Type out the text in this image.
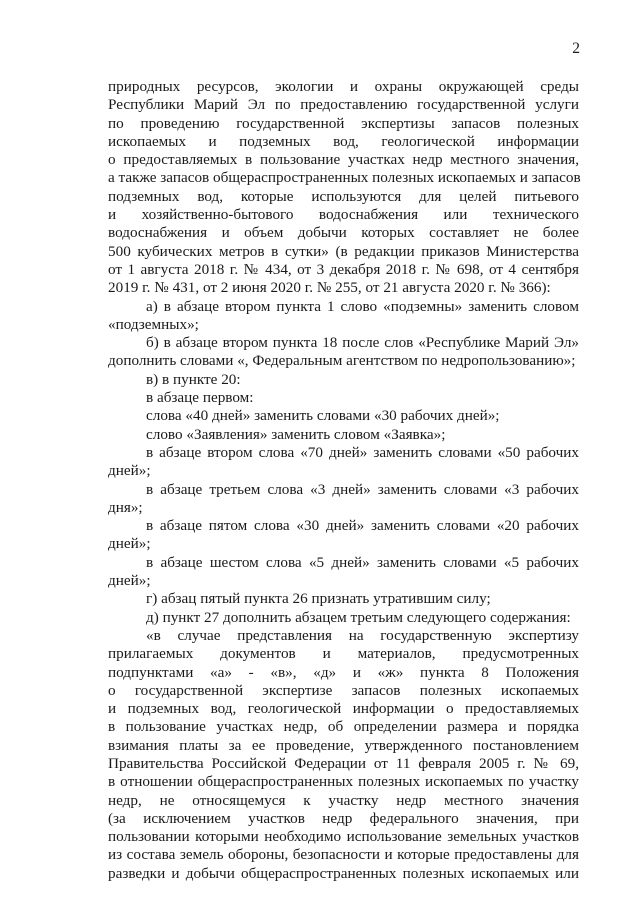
2
природных ресурсов, экологии и охраны окружающей среды
Республики Марий Эл по предоставлению государственной услуги
по проведению государственной экспертизы запасов полезных
ископаемых и подземных вод, геологической информации
о предоставляемых в пользование участках недр местного значения,
а также запасов общераспространенных полезных ископаемых и запасов
подземных вод, которые используются для целей питьевого
и хозяйственно-бытового водоснабжения или технического
водоснабжения и объем добычи которых составляет не более
500 кубических метров в сутки» (в редакции приказов Министерства
от 1 августа 2018 г. № 434, от 3 декабря 2018 г. № 698, от 4 сентября
2019 г. № 431, от 2 июня 2020 г. № 255, от 21 августа 2020 г. № 366):
а) в абзаце втором пункта 1 слово «подземны» заменить словом
«подземных»;
б) в абзаце втором пункта 18 после слов «Республике Марий Эл»
дополнить словами «, Федеральным агентством по недропользованию»;
в) в пункте 20:
в абзаце первом:
слова «40 дней» заменить словами «30 рабочих дней»;
слово «Заявления» заменить словом «Заявка»;
в абзаце втором слова «70 дней» заменить словами «50 рабочих
дней»;
в абзаце третьем слова «3 дней» заменить словами «3 рабочих
дня»;
в абзаце пятом слова «30 дней» заменить словами «20 рабочих
дней»;
в абзаце шестом слова «5 дней» заменить словами «5 рабочих
дней»;
г) абзац пятый пункта 26 признать утратившим силу;
д) пункт 27 дополнить абзацем третьим следующего содержания:
«в случае представления на государственную экспертизу
прилагаемых документов и материалов, предусмотренных
подпунктами «а» - «в», «д» и «ж» пункта 8 Положения
о государственной экспертизе запасов полезных ископаемых
и подземных вод, геологической информации о предоставляемых
в пользование участках недр, об определении размера и порядка
взимания платы за ее проведение, утвержденного постановлением
Правительства Российской Федерации от 11 февраля 2005 г. № 69,
в отношении общераспространенных полезных ископаемых по участку
недр, не относящемуся к участку недр местного значения
(за исключением участков недр федерального значения, при
пользовании которыми необходимо использование земельных участков
из состава земель обороны, безопасности и которые предоставлены для
разведки и добычи общераспространенных полезных ископаемых или
